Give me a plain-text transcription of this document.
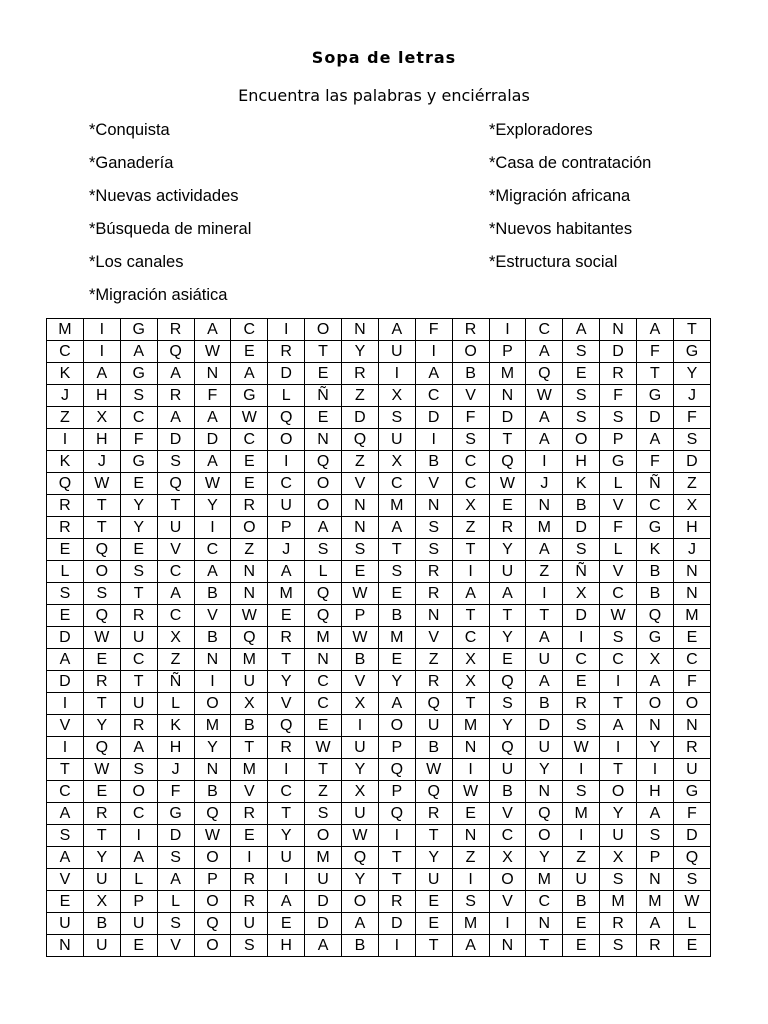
Sopa de letras
Encuentra las palabras y enciérralas
*Conquista
*Ganadería
*Nuevas actividades
*Búsqueda de mineral
*Los canales
*Migración asiática
*Exploradores
*Casa de contratación
*Migración africana
*Nuevos habitantes
*Estructura social
M	I	G	R	A	C	I	O	N	A	F	R	I	C	A	N	A	T
C	I	A	Q	W	E	R	T	Y	U	I	O	P	A	S	D	F	G
K	A	G	A	N	A	D	E	R	I	A	B	M	Q	E	R	T	Y
J	H	S	R	F	G	L	Ñ	Z	X	C	V	N	W	S	F	G	J
Z	X	C	A	A	W	Q	E	D	S	D	F	D	A	S	S	D	F
I	H	F	D	D	C	O	N	Q	U	I	S	T	A	O	P	A	S
K	J	G	S	A	E	I	Q	Z	X	B	C	Q	I	H	G	F	D
Q	W	E	Q	W	E	C	O	V	C	V	C	W	J	K	L	Ñ	Z
R	T	Y	T	Y	R	U	O	N	M	N	X	E	N	B	V	C	X
R	T	Y	U	I	O	P	A	N	A	S	Z	R	M	D	F	G	H
E	Q	E	V	C	Z	J	S	S	T	S	T	Y	A	S	L	K	J
L	O	S	C	A	N	A	L	E	S	R	I	U	Z	Ñ	V	B	N
S	S	T	A	B	N	M	Q	W	E	R	A	A	I	X	C	B	N
E	Q	R	C	V	W	E	Q	P	B	N	T	T	T	D	W	Q	M
D	W	U	X	B	Q	R	M	W	M	V	C	Y	A	I	S	G	E
A	E	C	Z	N	M	T	N	B	E	Z	X	E	U	C	C	X	C
D	R	T	Ñ	I	U	Y	C	V	Y	R	X	Q	A	E	I	A	F
I	T	U	L	O	X	V	C	X	A	Q	T	S	B	R	T	O	O
V	Y	R	K	M	B	Q	E	I	O	U	M	Y	D	S	A	N	N
I	Q	A	H	Y	T	R	W	U	P	B	N	Q	U	W	I	Y	R
T	W	S	J	N	M	I	T	Y	Q	W	I	U	Y	I	T	I	U
C	E	O	F	B	V	C	Z	X	P	Q	W	B	N	S	O	H	G
A	R	C	G	Q	R	T	S	U	Q	R	E	V	Q	M	Y	A	F
S	T	I	D	W	E	Y	O	W	I	T	N	C	O	I	U	S	D
A	Y	A	S	O	I	U	M	Q	T	Y	Z	X	Y	Z	X	P	Q
V	U	L	A	P	R	I	U	Y	T	U	I	O	M	U	S	N	S
E	X	P	L	O	R	A	D	O	R	E	S	V	C	B	M	M	W
U	B	U	S	Q	U	E	D	A	D	E	M	I	N	E	R	A	L
N	U	E	V	O	S	H	A	B	I	T	A	N	T	E	S	R	E
